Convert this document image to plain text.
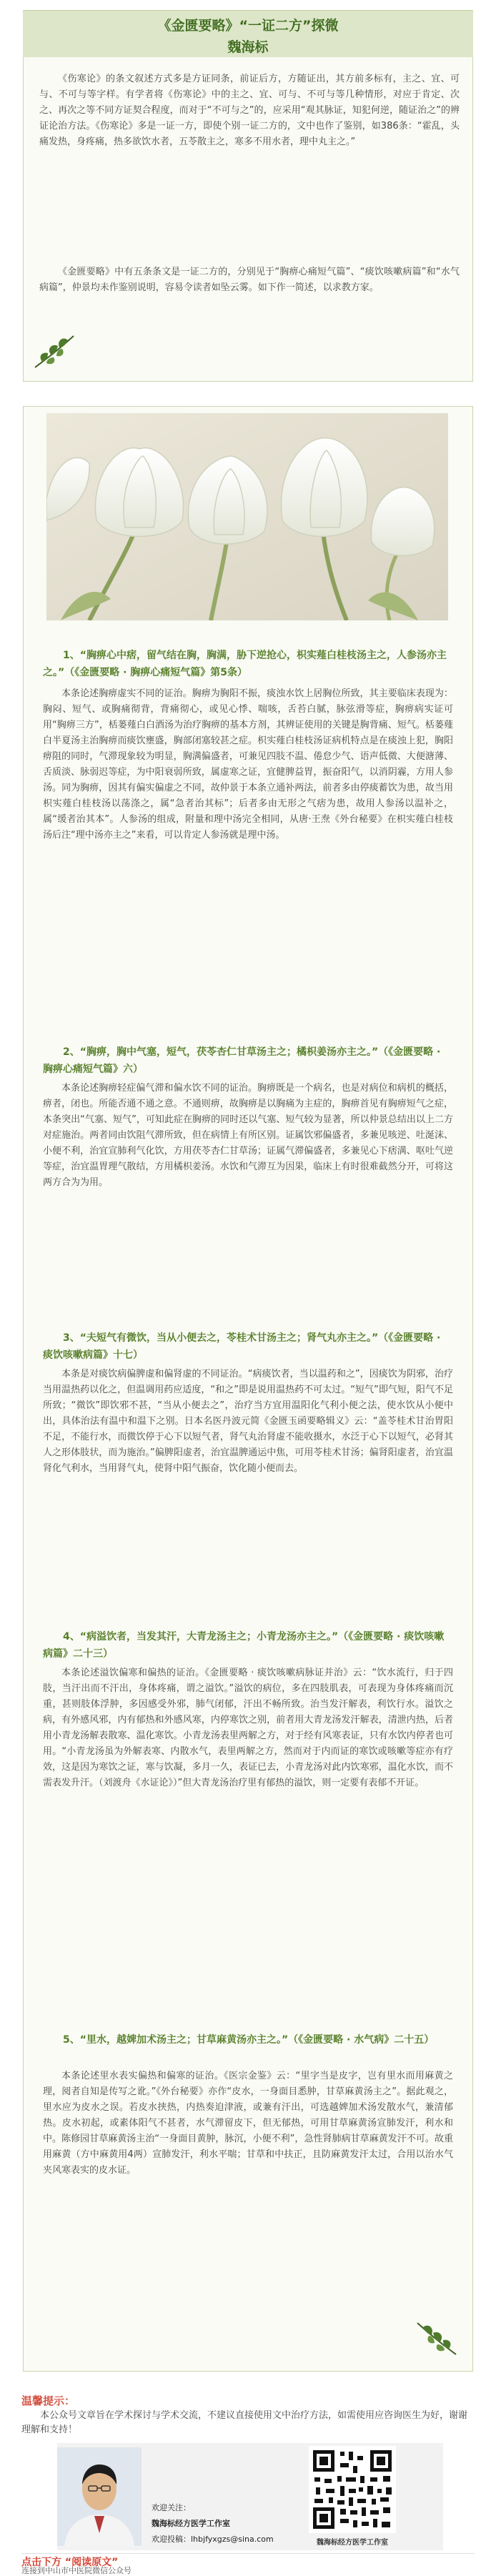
《金匮要略》“一证二方”探微
魏海标

《伤寒论》的条文叙述方式多是方证同条，前证后方，方随证出，其方前多标有，主之、宜、可与、不可与等字样。有学者将《伤寒论》中的主之、宜、可与、不可与等几种情形，对应于肯定、次之、再次之等不同方证契合程度，而对于“不可与之”的，应采用“观其脉证，知犯何逆，随证治之”的辨证论治方法。《伤寒论》多是一证一方，即使个别一证二方的，文中也作了鉴别，如386条：“霍乱，头痛发热，身疼痛，热多欲饮水者，五苓散主之，寒多不用水者，理中丸主之。”

《金匮要略》中有五条条文是一证二方的，分别见于“胸痹心痛短气篇”、“痰饮咳嗽病篇”和“水气病篇”，仲景均未作鉴别说明，容易令读者如坠云雾。如下作一简述，以求教方家。

1、“胸痹心中痞，留气结在胸，胸满，胁下逆抢心，枳实薤白桂枝汤主之，人参汤亦主之。”（《金匮要略 · 胸痹心痛短气篇》第5条）

本条论述胸痹虚实不同的证治。胸痹为胸阳不振，痰浊水饮上居胸位所致，其主要临床表现为：胸闷、短气、或胸痛彻背，背痛彻心，或见心悸、喘咳，舌苔白腻，脉弦滑等症，胸痹病实证可用“胸痹三方”，栝蒌薤白白酒汤为治疗胸痹的基本方剂，其辨证使用的关键是胸背痛、短气。栝蒌薤白半夏汤主治胸痹而痰饮壅盛，胸部闭塞较甚之症。枳实薤白桂枝汤证病机特点是在痰浊上犯，胸阳痹阻的同时，气滞现象较为明显，胸满偏盛者，可兼见四肢不温、倦怠少气、语声低微、大便溏薄、舌质淡、脉弱迟等症，为中阳衰弱所致，属虚寒之证，宜健脾益胃，振奋阳气，以消阴霾，方用人参汤。同为胸痹，因其有偏实偏虚之不同，故仲景于本条立通补两法，前者多由停痰蓄饮为患，故当用枳实薤白桂枝汤以荡涤之，属“急者治其标”；后者多由无形之气痞为患，故用人参汤以温补之，属“缓者治其本”。人参汤的组成，附量和理中汤完全相同，从唐·王焘《外台秘要》在枳实薤白桂枝汤后注“理中汤亦主之”来看，可以肯定人参汤就是理中汤。

2、“胸痹，胸中气塞，短气，茯苓杏仁甘草汤主之；橘枳姜汤亦主之。”（《金匮要略 · 胸痹心痛短气篇》六）

本条论述胸痹轻症偏气滞和偏水饮不同的证治。胸痹既是一个病名，也是对病位和病机的概括，痹者，闭也。所能否通不通之意。不通则痹，故胸痹是以胸痛为主症的，胸痹首见有胸痹短气之症，本条突出“气塞、短气”，可知此症在胸痹的同时还以气塞、短气较为显著，所以仲景总结出以上二方对症施治。两者同由饮阻气滞所致，但在病情上有所区别。证属饮邪偏盛者，多兼见咳逆、吐涎沫、小便不利，治宜宣肺利气化饮，方用茯苓杏仁甘草汤；证属气滞偏盛者，多兼见心下痞满、呕吐气逆等症，治宜温胃理气散结，方用橘枳姜汤。水饮和气滞互为因果，临床上有时很难截然分开，可将这两方合为为用。

3、“夫短气有微饮，当从小便去之，苓桂术甘汤主之；肾气丸亦主之。”（《金匮要略 · 痰饮咳嗽病篇》十七）

本条是对痰饮病偏脾虚和偏肾虚的不同证治。“病痰饮者，当以温药和之”，因痰饮为阴邪，治疗当用温热药以化之，但温调用药应适度，“和之”即是说用温热药不可太过。“短气”即气短，阳气不足所致；“微饮”即饮邪不甚，“当从小便去之”，治疗当方宜用温阳化气利小便之法，使水饮从小便中出，具体治法有温中和温下之别。日本名医丹波元简《金匮玉函要略辑义》云：“盖苓桂术甘治胃阳不足，不能行水，而微饮停于心下以短气者，肾气丸治肾虚不能收摄水，水泛于心下以短气，必肾其人之形体肢状，而为施治。”偏脾阳虚者，治宜温脾通运中焦，可用苓桂术甘汤；偏肾阳虚者，治宜温肾化气利水，当用肾气丸，使肾中阳气振奋，饮化随小便而去。

4、“病溢饮者，当发其汗，大青龙汤主之；小青龙汤亦主之。”（《金匮要略 · 痰饮咳嗽病篇》二十三）

本条论述溢饮偏寒和偏热的证治。《金匮要略 · 痰饮咳嗽病脉证并治》云：“饮水流行，归于四肢，当汗出而不汗出，身体疼痛，谓之溢饮。”溢饮的病位，多在四肢肌表，可表现为身体疼痛而沉重，甚则肢体浮肿，多因感受外邪，肺气闭郁，汗出不畅所致。治当发汗解表，利饮行水。溢饮之病，有外感风邪，内有郁热和外感风寒，内停寒饮之别，前者用大青龙汤发汗解表，清泄内热，后者用小青龙汤解表散寒、温化寒饮。小青龙汤表里两解之方，对于经有风寒表证，只有水饮内停者也可用。“小青龙汤虽为外解表寒、内散水气，表里两解之方，然而对于内而证的寒饮或咳嗽等症亦有疗效，这是因为寒饮之证，寒与饮凝，多月一久，表证已去，小青龙汤对此内饮寒邪，温化水饮，而不需表发升汗。（刘渡舟《水证论》）”但大青龙汤治疗里有郁热的溢饮，则一定要有表郁不开证。

5、“里水，越婢加术汤主之；甘草麻黄汤亦主之。”（《金匮要略 · 水气病》二十五）

本条论述里水表实偏热和偏寒的证治。《医宗金鉴》云：“里字当是皮字，岂有里水而用麻黄之理，阅者自知是传写之讹。”《外台秘要》亦作“皮水，一身面目悉肿，甘草麻黄汤主之”。据此观之，里水应为皮水之误。若皮水挟热，内热奏迫津液，或兼有汗出，可选越婢加术汤发散水气，兼清郁热。皮水初起，或素体阳气不甚者，水气滞留皮下，但无郁热，可用甘草麻黄汤宣肺发汗，利水和中。陈修园甘草麻黄汤主治“一身面目黄肿，脉沉，小便不利”，急性肾肺病甘草麻黄发汗不可。故重用麻黄（方中麻黄用4两）宣肺发汗，利水平喘；甘草和中扶正，且防麻黄发汗太过，合用以治水气夹风寒表实的皮水证。

温馨提示：

本公众号文章旨在学术探讨与学术交流，不建议直接使用文中治疗方法，如需使用应咨询医生为好，谢谢理解和支持！

欢迎关注：
魏海标经方医学工作室
欢迎投稿：lhbjfyxgzs@sina.com	魏海标经方医学工作室
点击下方 “阅读原文”
连接到中山市中医院微信公众号
